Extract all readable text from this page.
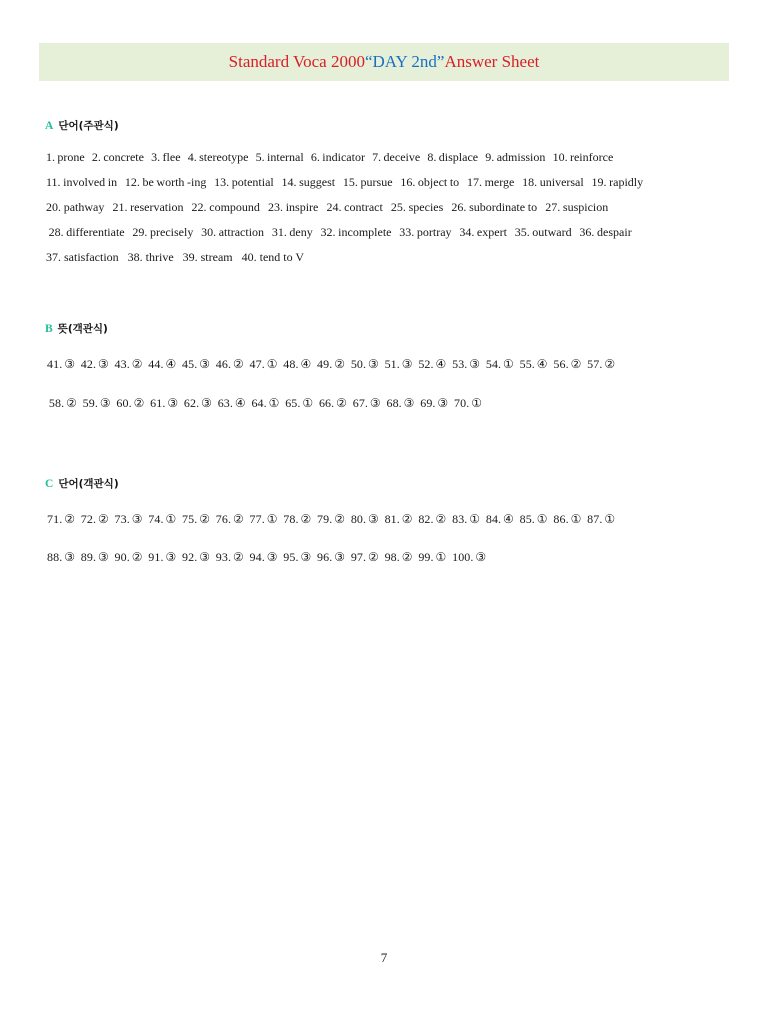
Standard Voca 2000 “DAY 2nd” Answer Sheet
A 단어(주관식)
1. prone   2. concrete   3. flee   4. stereotype   5. internal   6. indicator   7. deceive   8. displace   9. admission   10. reinforce
11. involved in   12. be worth -ing   13. potential   14. suggest   15. pursue   16. object to   17. merge   18. universal   19. rapidly
20. pathway   21. reservation   22. compound   23. inspire   24. contract   25. species   26. subordinate to   27. suspicion
28. differentiate   29. precisely   30. attraction   31. deny   32. incomplete   33. portray   34. expert   35. outward   36. despair
37. satisfaction   38. thrive   39. stream   40. tend to V
B 뜻(객관식)
41. ③   42. ③   43. ②   44. ④   45. ③   46. ②   47. ①   48. ④   49. ②   50. ③   51. ③   52. ④   53. ③   54. ①   55. ④   56. ②   57. ②
58. ②   59. ③   60. ②   61. ③   62. ③   63. ④   64. ①   65. ①   66. ②   67. ③   68. ③   69. ③   70. ①
C 단어(객관식)
71. ②   72. ②   73. ③   74. ①   75. ②   76. ②   77. ①   78. ②   79. ②   80. ③   81. ②   82. ②   83. ①   84. ④   85. ①   86. ①   87. ①
88. ③   89. ③   90. ②   91. ③   92. ③   93. ②   94. ③   95. ③   96. ③   97. ②   98. ②   99. ①   100. ③
7
